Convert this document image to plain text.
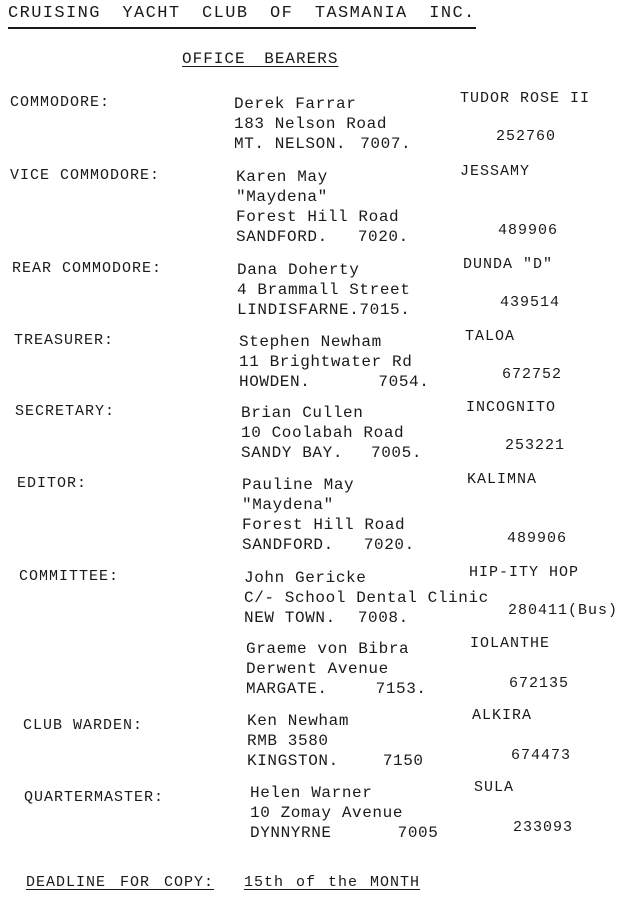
CRUISING YACHT CLUB OF TASMANIA INC.
OFFICE BEARERS
COMMODORE:	Derek Farrar
183 Nelson Road
MT. NELSON. 7007.
TUDOR ROSE II
252760
VICE COMMODORE:	Karen May
"Maydena"
Forest Hill Road
SANDFORD. 7020.
JESSAMY
489906
REAR COMMODORE:	Dana Doherty
4 Brammall Street
LINDISFARNE.7015.
DUNDA "D"
439514
TREASURER:	Stephen Newham
11 Brightwater Rd
HOWDEN.	7054.
TALOA
672752
SECRETARY:	Brian Cullen
10 Coolabah Road
SANDY BAY. 7005.
INCOGNITO
253221
EDITOR:	Pauline May
"Maydena"
Forest Hill Road
SANDFORD. 7020.
KALIMNA
489906
COMMITTEE:	John Gericke
C/- School Dental Clinic
NEW TOWN. 7008.
HIP-ITY HOP
280411(Bus)
Graeme von Bibra
Derwent Avenue
MARGATE.	7153.
IOLANTHE
672135
CLUB WARDEN:	Ken Newham
RMB 3580
KINGSTON.	7150
ALKIRA
674473
QUARTERMASTER:	Helen Warner
10 Zomay Avenue
DYNNYRNE	7005
SULA
233093
DEADLINE FOR COPY: 15th of the MONTH
